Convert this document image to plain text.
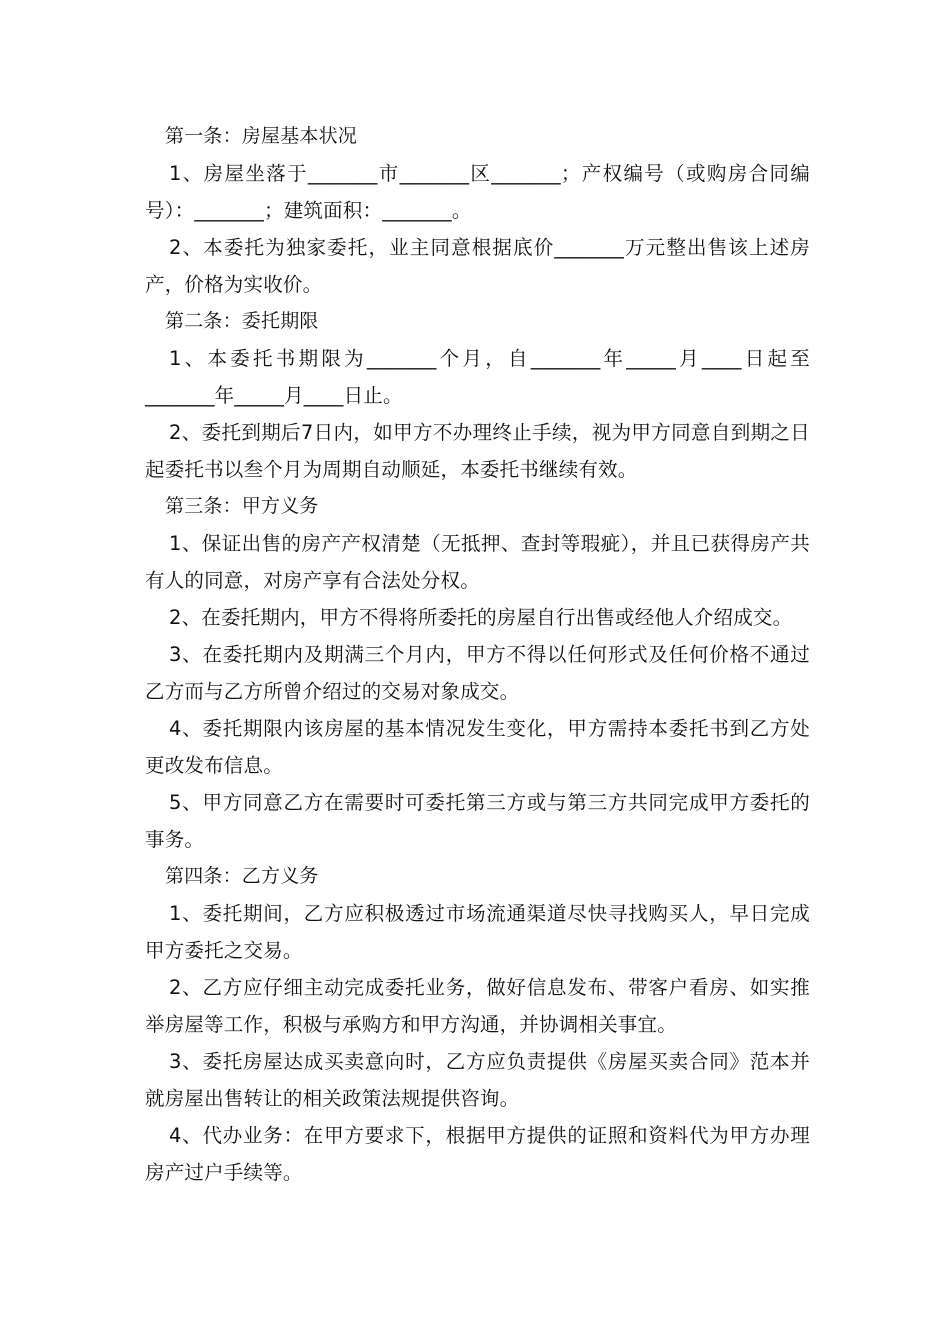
第一条：房屋基本状况

1、房屋坐落于_______市_______区_______；产权编号（或购房合同编号）：_______；建筑面积：_______。

2、本委托为独家委托，业主同意根据底价_______万元整出售该上述房产，价格为实收价。

第二条：委托期限

1、本委托书期限为_______个月，自_______年_____月____日起至_______年_____月____日止。

2、委托到期后7日内，如甲方不办理终止手续，视为甲方同意自到期之日起委托书以叁个月为周期自动顺延，本委托书继续有效。

第三条：甲方义务

1、保证出售的房产产权清楚（无抵押、查封等瑕疵），并且已获得房产共有人的同意，对房产享有合法处分权。

2、在委托期内，甲方不得将所委托的房屋自行出售或经他人介绍成交。

3、在委托期内及期满三个月内，甲方不得以任何形式及任何价格不通过乙方而与乙方所曾介绍过的交易对象成交。

4、委托期限内该房屋的基本情况发生变化，甲方需持本委托书到乙方处更改发布信息。

5、甲方同意乙方在需要时可委托第三方或与第三方共同完成甲方委托的事务。

第四条：乙方义务

1、委托期间，乙方应积极透过市场流通渠道尽快寻找购买人，早日完成甲方委托之交易。

2、乙方应仔细主动完成委托业务，做好信息发布、带客户看房、如实推举房屋等工作，积极与承购方和甲方沟通，并协调相关事宜。

3、委托房屋达成买卖意向时，乙方应负责提供《房屋买卖合同》范本并就房屋出售转让的相关政策法规提供咨询。

4、代办业务：在甲方要求下，根据甲方提供的证照和资料代为甲方办理房产过户手续等。
